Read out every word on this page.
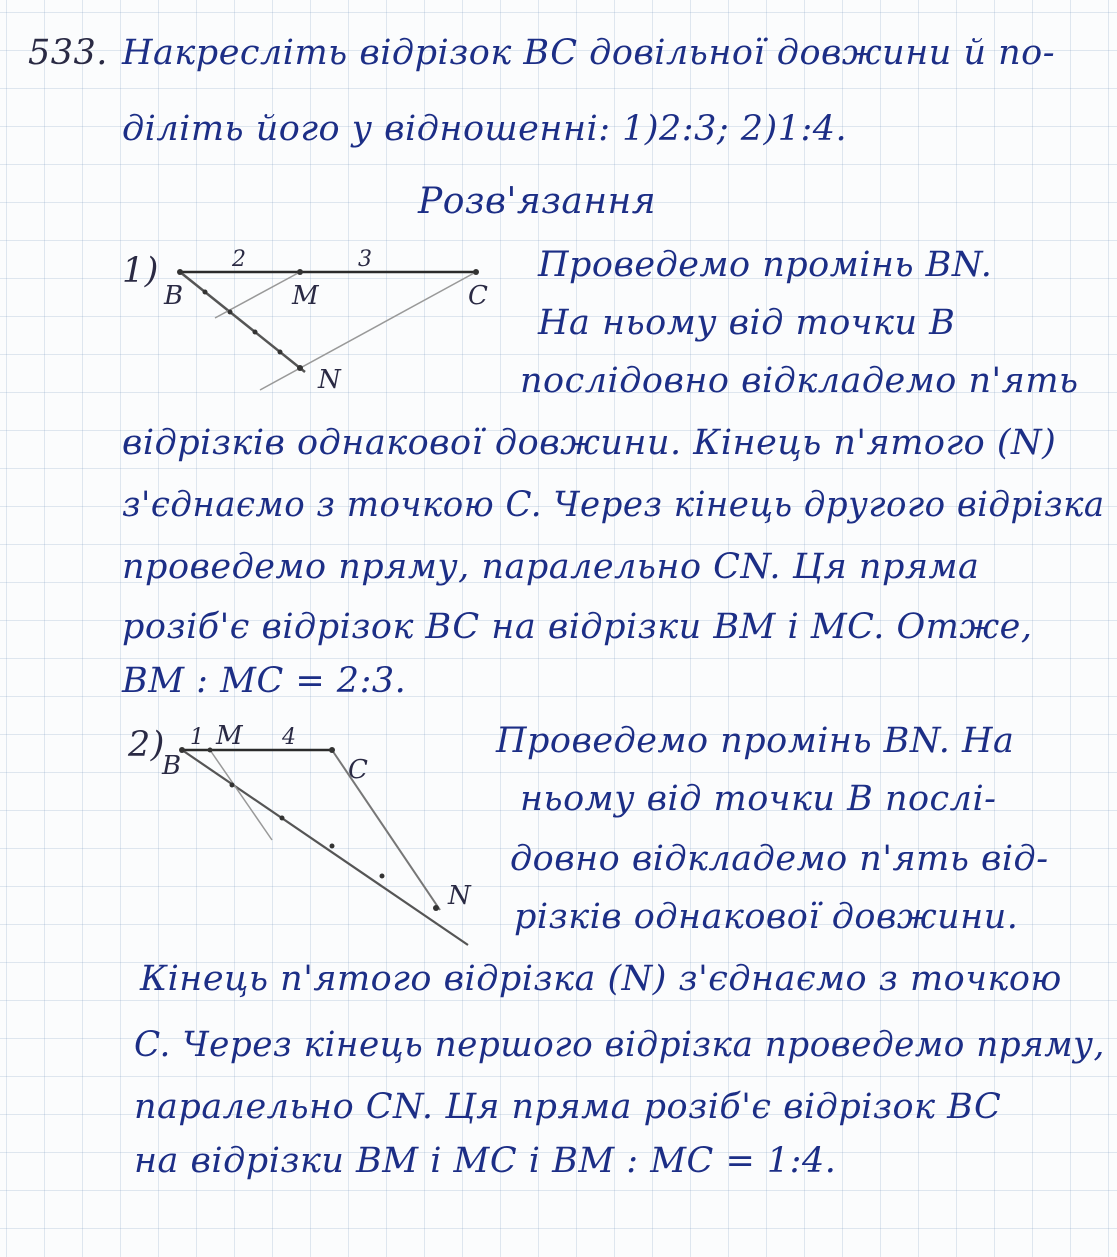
533. Накресліть відрізок BC довільної довжини й по-
діліть його у відношенні: 1)2:3; 2)1:4.
Розв'язання
2	3
B	M	C
N
1)	Проведемо промінь BN.
На ньому від точки B
послідовно відкладемо п'ять
відрізків однакової довжини. Кінець п'ятого (N)
з'єднаємо з точкою C. Через кінець другого відрізка
проведемо пряму, паралельно CN. Ця пряма
розіб'є відрізок BC на відрізки BM і MC. Отже,
BM : MC = 2:3.
1 M 4
B	C
N
2)	Проведемо промінь BN. На
ньому від точки B послі-
довно відкладемо п'ять від-
різків однакової довжини.
Кінець п'ятого відрізка (N) з'єднаємо з точкою
C. Через кінець першого відрізка проведемо пряму,
паралельно CN. Ця пряма розіб'є відрізок BC
на відрізки BM і MC і BM : MC = 1:4.
